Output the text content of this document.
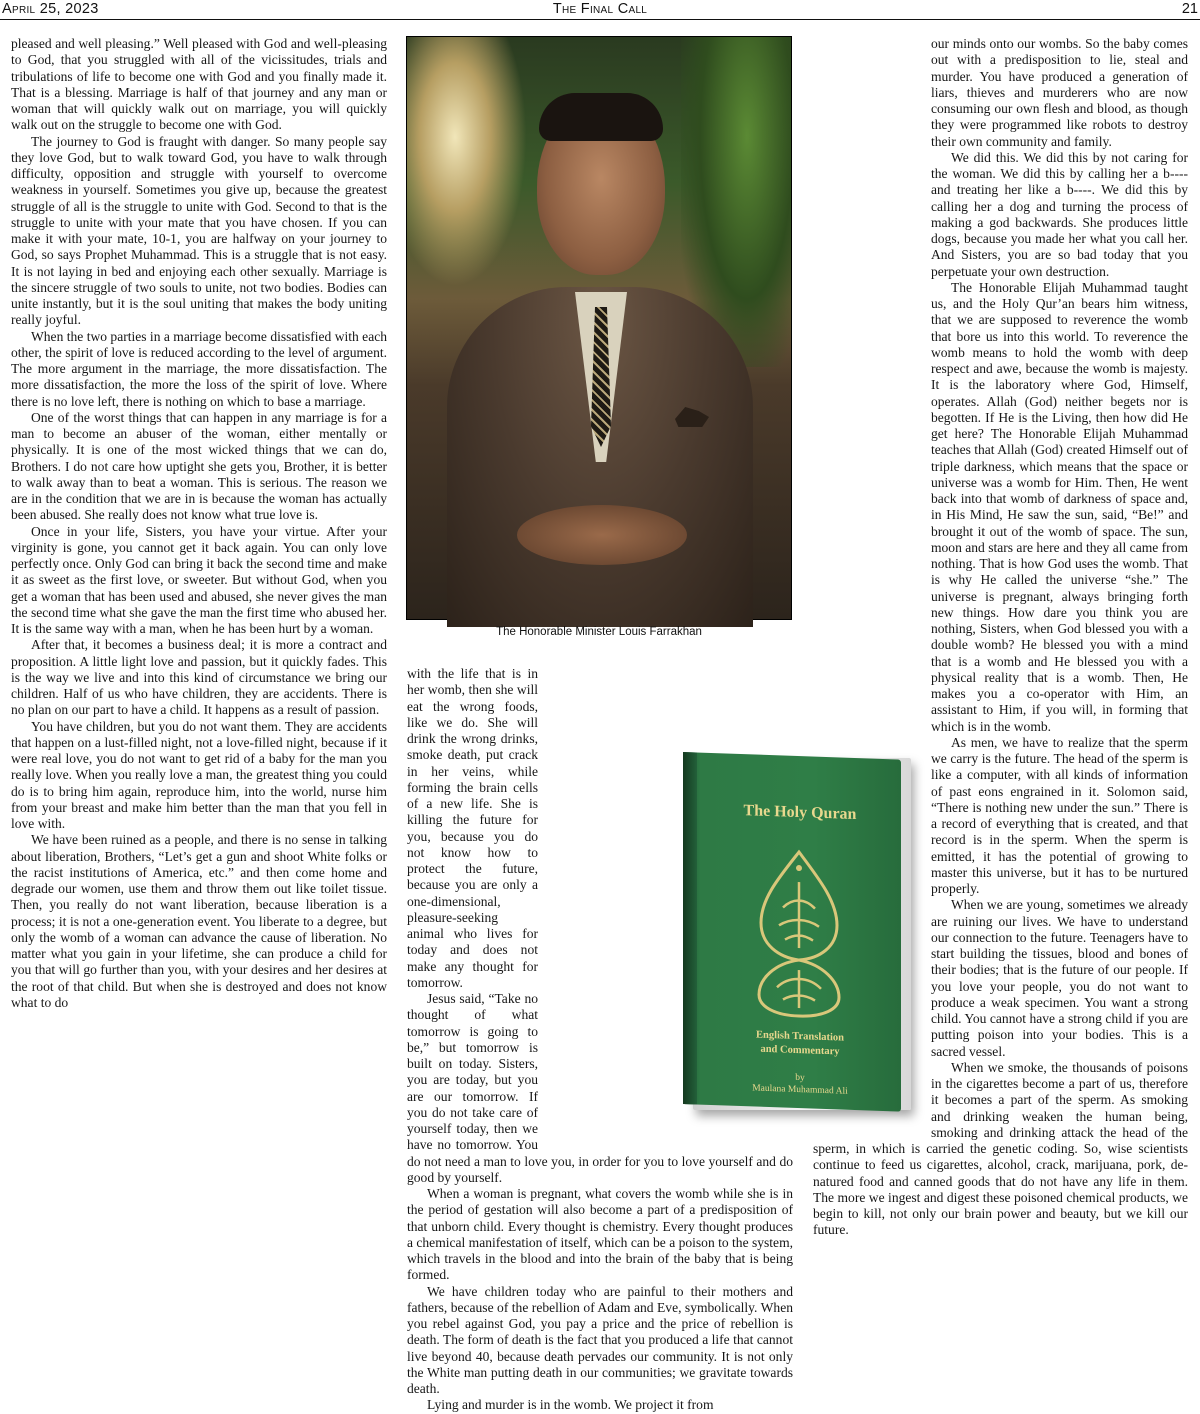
April 25, 2023	The Final Call	21

pleased and well pleasing.” Well pleased with God and well-pleasing to God, that you struggled with all of the vicissitudes, trials and tribulations of life to become one with God and you finally made it. That is a blessing. Marriage is half of that journey and any man or woman that will quickly walk out on marriage, you will quickly walk out on the struggle to become one with God.

The journey to God is fraught with danger. So many people say they love God, but to walk toward God, you have to walk through difficulty, opposition and struggle with yourself to overcome weakness in yourself. Sometimes you give up, because the greatest struggle of all is the struggle to unite with God. Second to that is the struggle to unite with your mate that you have chosen. If you can make it with your mate, 10-1, you are halfway on your journey to God, so says Prophet Muhammad. This is a struggle that is not easy. It is not laying in bed and enjoying each other sexually. Marriage is the sincere struggle of two souls to unite, not two bodies. Bodies can unite instantly, but it is the soul uniting that makes the body uniting really joyful.

When the two parties in a marriage become dissatisfied with each other, the spirit of love is reduced according to the level of argument. The more argument in the marriage, the more dissatisfaction. The more dissatisfaction, the more the loss of the spirit of love. Where there is no love left, there is nothing on which to base a marriage.

One of the worst things that can happen in any marriage is for a man to become an abuser of the woman, either mentally or physically. It is one of the most wicked things that we can do, Brothers. I do not care how uptight she gets you, Brother, it is better to walk away than to beat a woman. This is serious. The reason we are in the condition that we are in is because the woman has actually been abused. She really does not know what true love is.

Once in your life, Sisters, you have your virtue. After your virginity is gone, you cannot get it back again. You can only love perfectly once. Only God can bring it back the second time and make it as sweet as the first love, or sweeter. But without God, when you get a woman that has been used and abused, she never gives the man the second time what she gave the man the first time who abused her. It is the same way with a man, when he has been hurt by a woman.

After that, it becomes a business deal; it is more a contract and proposition. A little light love and passion, but it quickly fades. This is the way we live and into this kind of circumstance we bring our children. Half of us who have children, they are accidents. There is no plan on our part to have a child. It happens as a result of passion.

You have children, but you do not want them. They are accidents that happen on a lust-filled night, not a love-filled night, because if it were real love, you do not want to get rid of a baby for the man you really love. When you really love a man, the greatest thing you could do is to bring him again, reproduce him, into the world, nurse him from your breast and make him better than the man that you fell in love with.

We have been ruined as a people, and there is no sense in talking about liberation, Brothers, “Let’s get a gun and shoot White folks or the racist institutions of America, etc.” and then come home and degrade our women, use them and throw them out like toilet tissue. Then, you really do not want liberation, because liberation is a process; it is not a one-generation event. You liberate to a degree, but only the womb of a woman can advance the cause of liberation. No matter what you gain in your lifetime, she can produce a child for you that will go further than you, with your desires and her desires at the root of that child. But when she is destroyed and does not know what to do

The Honorable Minister Louis Farrakhan

with the life that is in her womb, then she will eat the wrong foods, like we do. She will drink the wrong drinks, smoke death, put crack in her veins, while forming the brain cells of a new life. She is killing the future for you, because you do not know how to protect the future, because you are only a one-dimensional, pleasure-seeking animal who lives for today and does not make any thought for tomorrow.

Jesus said, “Take no thought of what tomorrow is going to be,” but tomorrow is built on today. Sisters, you are today, but you are our tomorrow. If you do not take care of yourself today, then we have no tomorrow. You do not need a man to love you, in order for you to love yourself and do good by yourself.

When a woman is pregnant, what covers the womb while she is in the period of gestation will also become a part of a predisposition of that unborn child. Every thought is chemistry. Every thought produces a chemical manifestation of itself, which can be a poison to the system, which travels in the blood and into the brain of the baby that is being formed.

We have children today who are painful to their mothers and fathers, because of the rebellion of Adam and Eve, symbolically. When you rebel against God, you pay a price and the price of rebellion is death. The form of death is the fact that you produced a life that cannot live beyond 40, because death pervades our community. It is not only the White man putting death in our communities; we gravitate towards death.

Lying and murder is in the womb. We project it from

our minds onto our wombs. So the baby comes out with a predisposition to lie, steal and murder. You have produced a generation of liars, thieves and murderers who are now consuming our own flesh and blood, as though they were programmed like robots to destroy their own community and family.

We did this. We did this by not caring for the woman. We did this by calling her a b---- and treating her like a b----. We did this by calling her a dog and turning the process of making a god backwards. She produces little dogs, because you made her what you call her. And Sisters, you are so bad today that you perpetuate your own destruction.

The Honorable Elijah Muhammad taught us, and the Holy Qur’an bears him witness, that we are supposed to reverence the womb that bore us into this world. To reverence the womb means to hold the womb with deep respect and awe, because the womb is majesty. It is the laboratory where God, Himself, operates. Allah (God) neither begets nor is begotten. If He is the Living, then how did He get here? The Honorable Elijah Muhammad teaches that Allah (God) created Himself out of triple darkness, which means that the space or universe was a womb for Him. Then, He went back into that womb of darkness of space and, in His Mind, He saw the sun, said, “Be!” and brought it out of the womb of space. The sun, moon and stars are here and they all came from nothing. That is how God uses the womb. That is why He called the universe “she.” The universe is pregnant, always bringing forth new things. How dare you think you are nothing, Sisters, when God blessed you with a double womb? He blessed you with a mind that is a womb and He blessed you with a physical reality that is a womb. Then, He makes you a co-operator with Him, an assistant to Him, if you will, in forming that which is in the womb.

As men, we have to realize that the sperm we carry is the future. The head of the sperm is like a computer, with all kinds of information of past eons engrained in it. Solomon said, “There is nothing new under the sun.” There is a record of everything that is created, and that record is in the sperm. When the sperm is emitted, it has the potential of growing to master this universe, but it has to be nurtured properly.

When we are young, sometimes we already are ruining our lives. We have to understand our connection to the future. Teenagers have to start building the tissues, blood and bones of their bodies; that is the future of our people. If you love your people, you do not want to produce a weak specimen. You want a strong child. You cannot have a strong child if you are putting poison into your bodies. This is a sacred vessel.

When we smoke, the thousands of poisons in the cigarettes become a part of us, therefore it becomes a part of the sperm. As smoking and drinking weaken the human being, smoking and drinking attack the head of the sperm, in which is carried the genetic coding. So, wise scientists continue to feed us cigarettes, alcohol, crack, marijuana, pork, de-natured food and canned goods that do not have any life in them. The more we ingest and digest these poisoned chemical products, we begin to kill, not only our brain power and beauty, but we kill our future.

The Holy Quran
English Translation
and Commentary
by
Maulana Muhammad Ali
